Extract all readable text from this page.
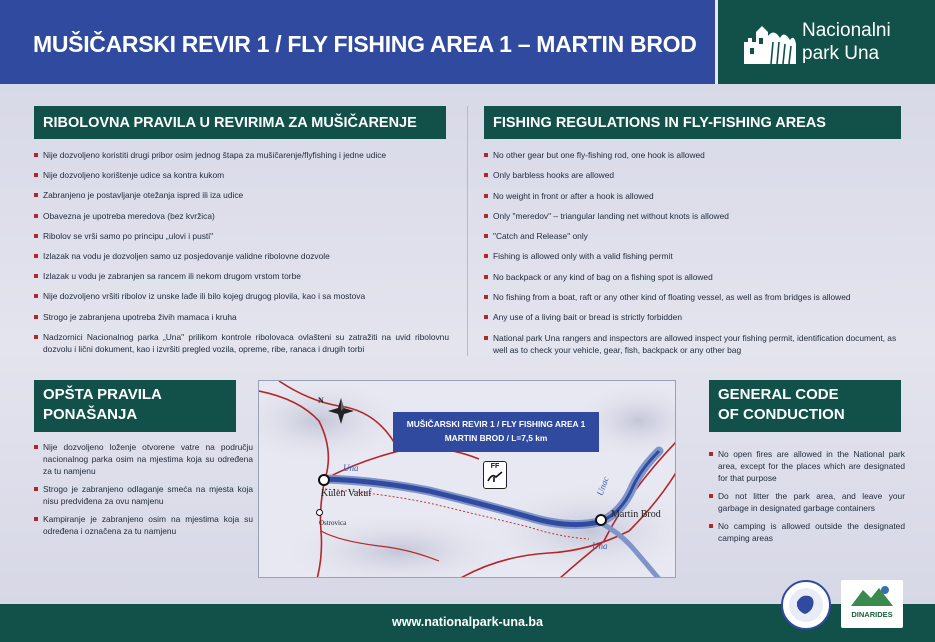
MUŠIČARSKI REVIR 1 / FLY FISHING AREA 1 – MARTIN BROD	Nacionalni
park Una
RIBOLOVNA PRAVILA U REVIRIMA ZA MUŠIČARENJE
Nije dozvoljeno koristiti drugi pribor osim jednog štapa za mušičarenje/flyfishing i jedne udice
Nije dozvoljeno korištenje udice sa kontra kukom
Zabranjeno je postavljanje otežanja ispred ili iza udice
Obavezna je upotreba meredova (bez kvržica)
Ribolov se vrši samo po principu „ulovi i pusti"
Izlazak na vodu je dozvoljen samo uz posjedovanje validne ribolovne dozvole
Izlazak u vodu je zabranjen sa rancem ili nekom drugom vrstom torbe
Nije dozvoljeno vršiti ribolov iz unske lađe ili bilo kojeg drugog plovila, kao i sa mostova
Strogo je zabranjena upotreba živih mamaca i kruha
Nadzornici Nacionalnog parka „Una" prilikom kontrole ribolovaca ovlašteni su zatražiti na uvid ribolovnu dozvolu i lični dokument, kao i izvršiti pregled vozila, opreme, ribe, ranaca i drugih torbi
FISHING REGULATIONS IN FLY-FISHING AREAS
No other gear but one fly-fishing rod, one hook is allowed
Only barbless hooks are allowed
No weight in front or after a hook is allowed
Only "meredov" – triangular landing net without knots is allowed
"Catch and Release" only
Fishing is allowed only with a valid fishing permit
No backpack or any kind of bag on a fishing spot is allowed
No fishing from a boat, raft or any other kind of floating vessel, as well as from bridges is allowed
Any use of a living bait or bread is strictly forbidden
National park Una rangers and inspectors are allowed inspect your fishing permit, identification document, as well as to check your vehicle, gear, fish, backpack or any other bag
OPŠTA PRAVILA
PONAŠANJA
Nije dozvoljeno loženje otvorene vatre na području nacionalnog parka osim na mjestima koja su određena za tu namjenu
Strogo je zabranjeno odlaganje smeća na mjesta koja nisu predviđena za ovu namjenu
Kampiranje je zabranjeno osim na mjestima koja su određena i označena za tu namjenu
N
MUŠIČARSKI REVIR 1 / FLY FISHING AREA 1
MARTIN BROD / L=7,5 km
FF
Kulen Vakuf
Ostrovica
Martin Brod
Una
Una
Unac
GENERAL CODE
OF CONDUCTION
No open fires are allowed in the National park area, except for the places which are designated for that purpose
Do not litter the park area, and leave your garbage in designated garbage containers
No camping is allowed outside the designated camping areas
www.nationalpark-una.ba
DINARIDES
